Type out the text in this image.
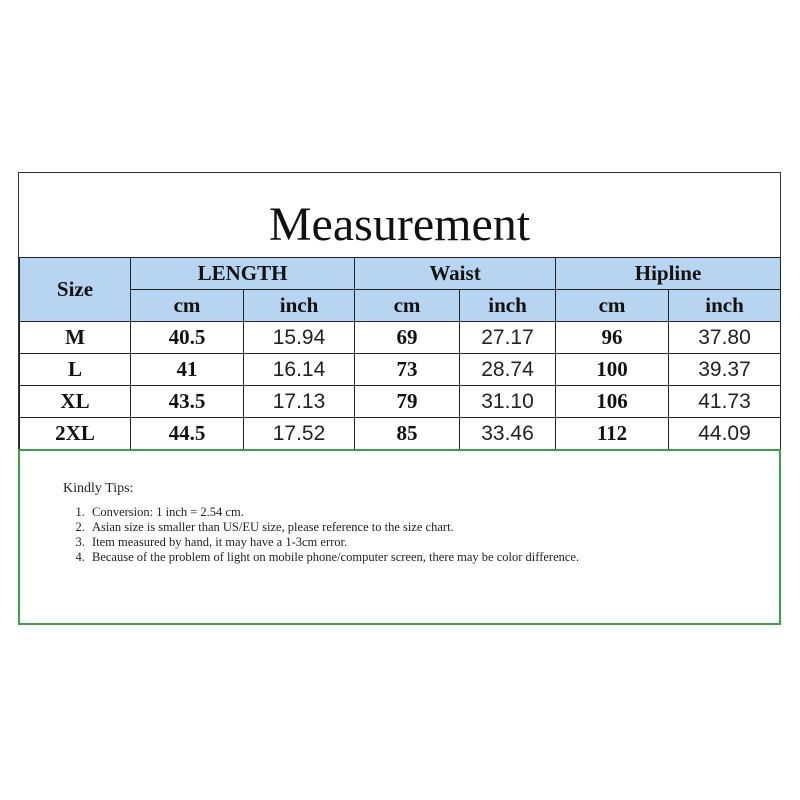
Measurement
Size	LENGTH		Waist		Hipline	
	cm	inch	cm	inch	cm	inch
M	40.5	15.94	69	27.17	96	37.80
L	41	16.14	73	28.74	100	39.37
XL	43.5	17.13	79	31.10	106	41.73
2XL	44.5	17.52	85	33.46	112	44.09
Kindly Tips:
1. Conversion: 1 inch = 2.54 cm.
2. Asian size is smaller than US/EU size, please reference to the size chart.
3. Item measured by hand, it may have a 1-3cm error.
4. Because of the problem of light on mobile phone/computer screen, there may be color difference.
